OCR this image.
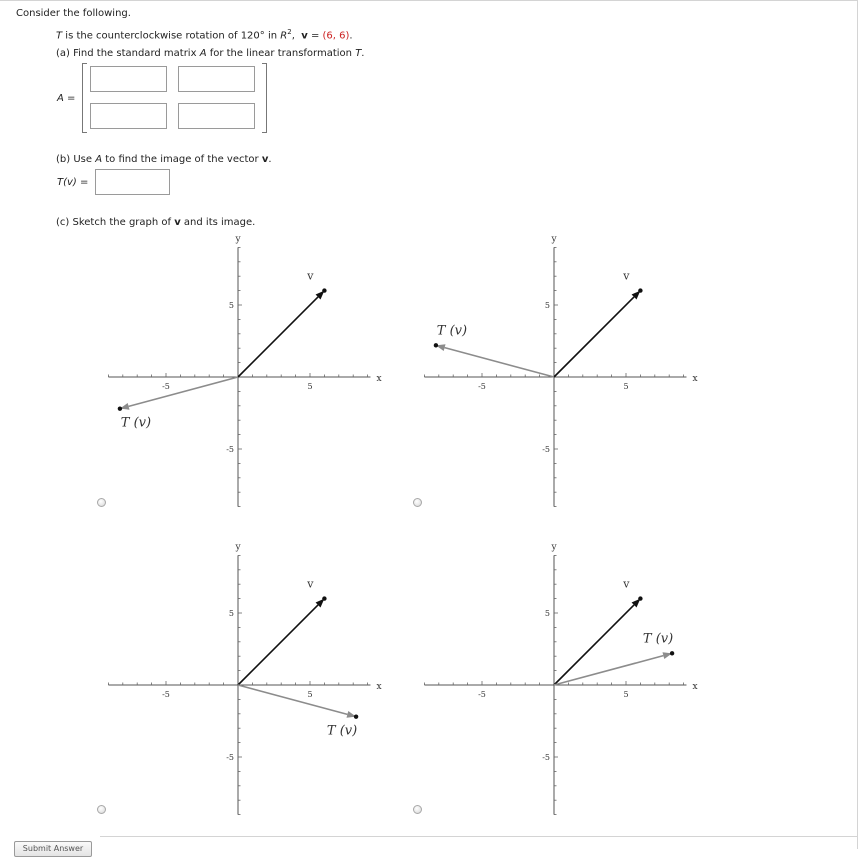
Consider the following.
T is the counterclockwise rotation of 120° in $R^2$, v = (6, 6).
(a) Find the standard matrix A for the linear transformation T.
A =
(b) Use A to find the image of the vector v.
T(v) =
(c) Sketch the graph of v and its image.
5
-5
5
-5
x
y
v
T (v)
5
-5
5
-5
x
y
v
T (v)
5
-5
5
-5
x
y
v
T (v)
5
-5
5
-5
x
y
v
T (v)
Submit Answer
